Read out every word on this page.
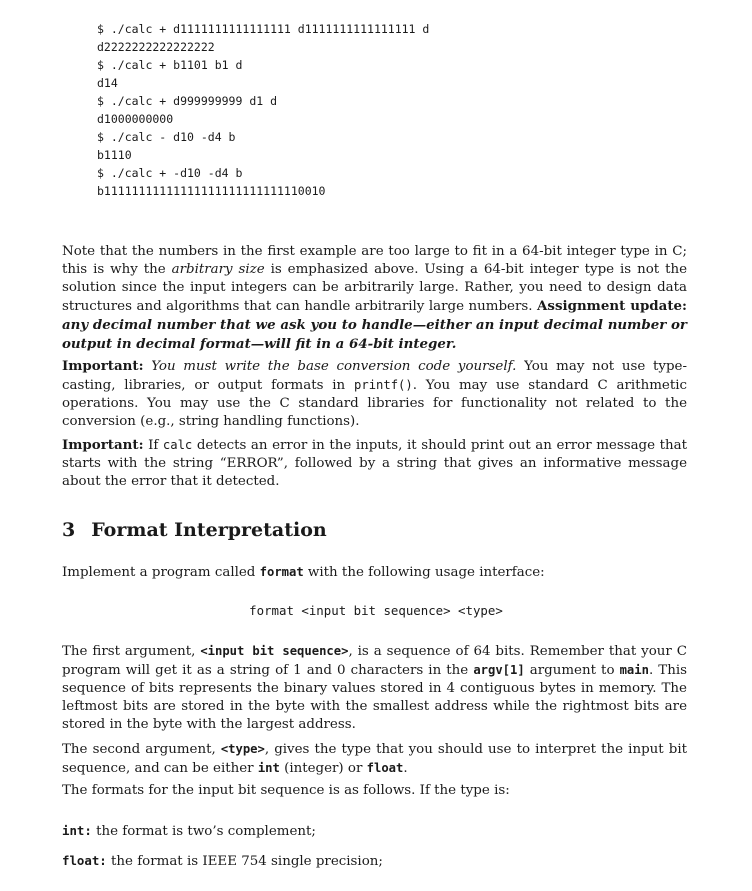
$ ./calc + d1111111111111111 d1111111111111111 d
d2222222222222222
$ ./calc + b1101 b1 d
d14
$ ./calc + d999999999 d1 d
d1000000000
$ ./calc - d10 -d4 b
b1110
$ ./calc + -d10 -d4 b
b11111111111111111111111111110010
Note that the numbers in the first example are too large to fit in a 64-bit integer type in C; this is why the arbitrary size is emphasized above. Using a 64-bit integer type is not the solution since the input integers can be arbitrarily large. Rather, you need to design data structures and algorithms that can handle arbitrarily large numbers. Assignment update: any decimal number that we ask you to handle—either an input decimal number or output in decimal format—will fit in a 64-bit integer.
Important: You must write the base conversion code yourself. You may not use type-casting, libraries, or output formats in printf(). You may use standard C arithmetic operations. You may use the C standard libraries for functionality not related to the conversion (e.g., string handling functions).
Important: If calc detects an error in the inputs, it should print out an error message that starts with the string “ERROR”, followed by a string that gives an informative message about the error that it detected.
3 Format Interpretation
Implement a program called format with the following usage interface:
format <input bit sequence> <type>
The first argument, <input bit sequence>, is a sequence of 64 bits. Remember that your C program will get it as a string of 1 and 0 characters in the argv[1] argument to main. This sequence of bits represents the binary values stored in 4 contiguous bytes in memory. The leftmost bits are stored in the byte with the smallest address while the rightmost bits are stored in the byte with the largest address.
The second argument, <type>, gives the type that you should use to interpret the input bit sequence, and can be either int (integer) or float.
The formats for the input bit sequence is as follows. If the type is:
int: the format is two’s complement;
float: the format is IEEE 754 single precision;
